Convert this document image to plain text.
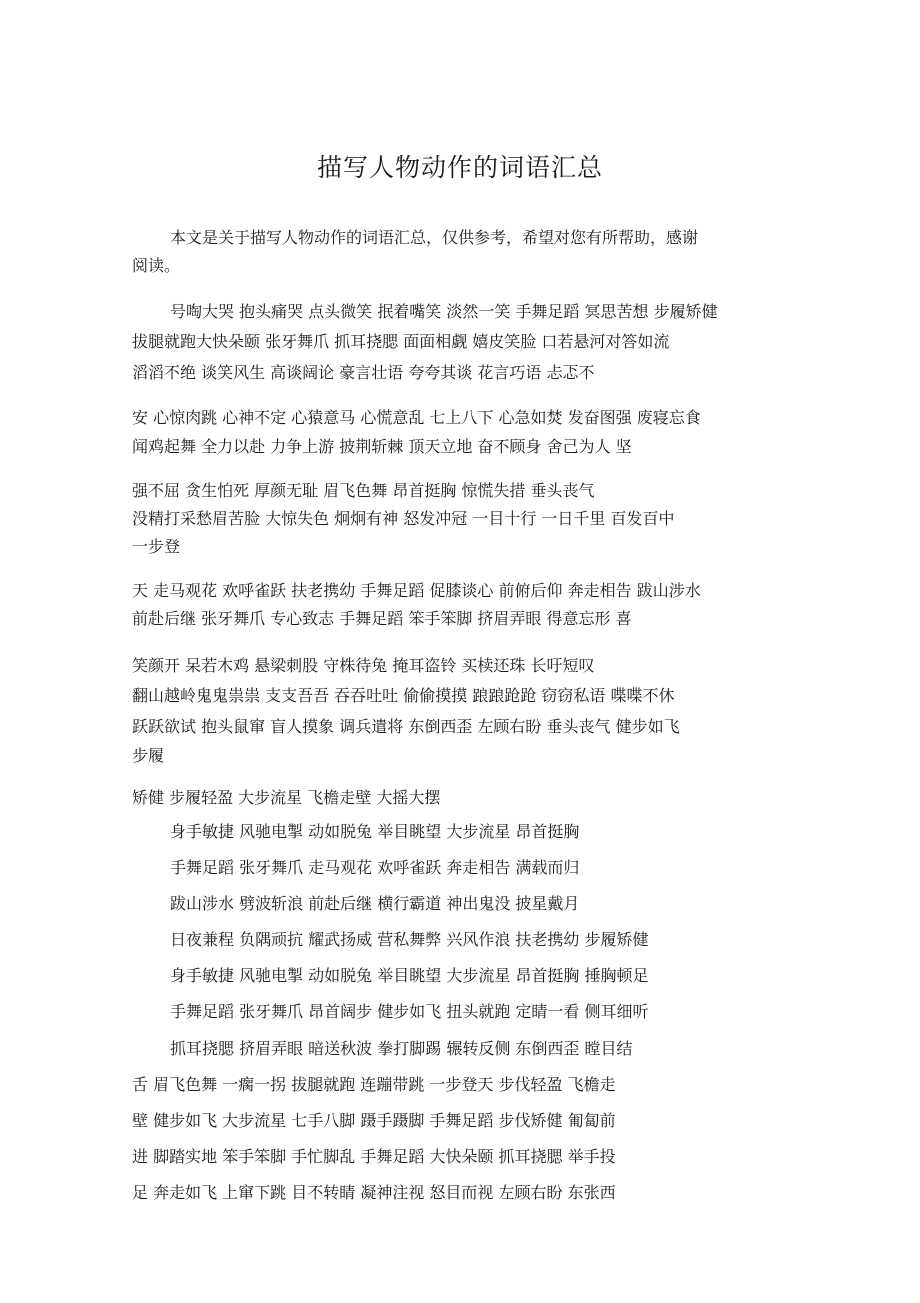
描写人物动作的词语汇总
本文是关于描写人物动作的词语汇总，仅供参考，希望对您有所帮助，感谢
阅读。
号啕大哭 抱头痛哭 点头微笑 抿着嘴笑 淡然一笑 手舞足蹈 冥思苦想 步履矫健
拔腿就跑大快朵颐 张牙舞爪 抓耳挠腮 面面相觑 嬉皮笑脸 口若悬河对答如流
滔滔不绝 谈笑风生 高谈阔论 豪言壮语 夸夸其谈 花言巧语 忐忑不
安 心惊肉跳 心神不定 心猿意马 心慌意乱 七上八下 心急如焚 发奋图强 废寝忘食
闻鸡起舞 全力以赴 力争上游 披荆斩棘 顶天立地 奋不顾身 舍己为人 坚
强不屈 贪生怕死 厚颜无耻 眉飞色舞 昂首挺胸 惊慌失措 垂头丧气
没精打采愁眉苦脸 大惊失色 炯炯有神 怒发冲冠 一目十行 一日千里 百发百中
一步登
天 走马观花 欢呼雀跃 扶老携幼 手舞足蹈 促膝谈心 前俯后仰 奔走相告 跋山涉水
前赴后继 张牙舞爪 专心致志 手舞足蹈 笨手笨脚 挤眉弄眼 得意忘形 喜
笑颜开 呆若木鸡 悬梁刺股 守株待兔 掩耳盗铃 买椟还珠 长吁短叹
翻山越岭鬼鬼祟祟 支支吾吾 吞吞吐吐 偷偷摸摸 踉踉跄跄 窃窃私语 喋喋不休
跃跃欲试 抱头鼠窜 盲人摸象 调兵遣将 东倒西歪 左顾右盼 垂头丧气 健步如飞
步履
矫健 步履轻盈 大步流星 飞檐走壁 大摇大摆
身手敏捷 风驰电掣 动如脱兔 举目眺望 大步流星 昂首挺胸
手舞足蹈 张牙舞爪 走马观花 欢呼雀跃 奔走相告 满载而归
跋山涉水 劈波斩浪 前赴后继 横行霸道 神出鬼没 披星戴月
日夜兼程 负隅顽抗 耀武扬威 营私舞弊 兴风作浪 扶老携幼 步履矫健
身手敏捷 风驰电掣 动如脱兔 举目眺望 大步流星 昂首挺胸 捶胸顿足
手舞足蹈 张牙舞爪 昂首阔步 健步如飞 扭头就跑 定睛一看 侧耳细听
抓耳挠腮 挤眉弄眼 暗送秋波 拳打脚踢 辗转反侧 东倒西歪 瞠目结
舌 眉飞色舞 一瘸一拐 拔腿就跑 连蹦带跳 一步登天 步伐轻盈 飞檐走
壁 健步如飞 大步流星 七手八脚 蹑手蹑脚 手舞足蹈 步伐矫健 匍匐前
进 脚踏实地 笨手笨脚 手忙脚乱 手舞足蹈 大快朵颐 抓耳挠腮 举手投
足 奔走如飞 上窜下跳 目不转睛 凝神注视 怒目而视 左顾右盼 东张西
